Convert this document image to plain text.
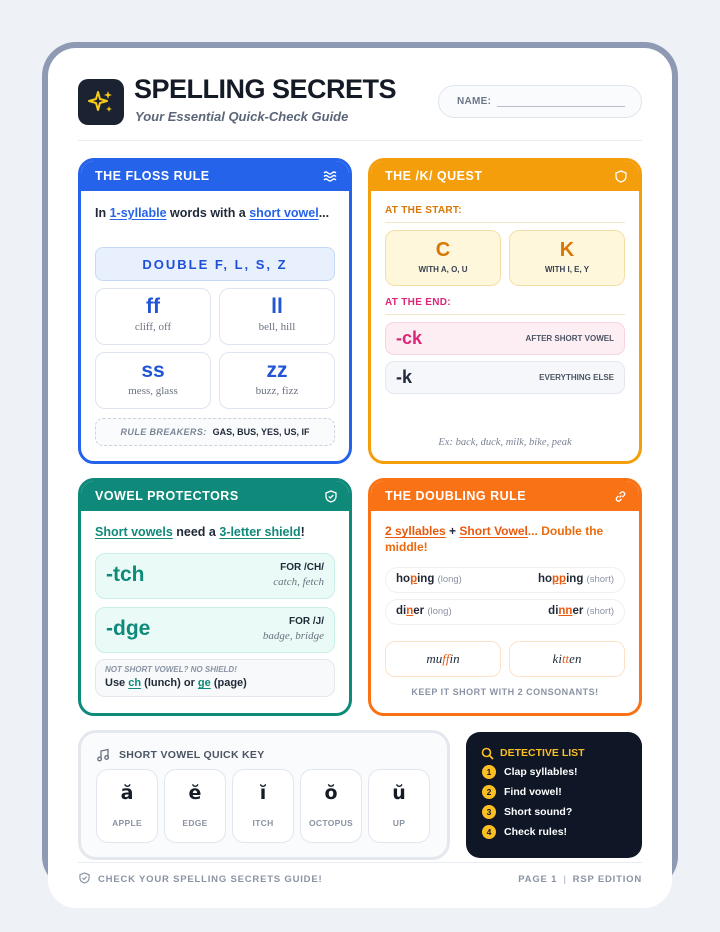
SPELLING SECRETS
Your Essential Quick-Check Guide
NAME:
THE FLOSS RULE
In 1-syllable words with a short vowel...
DOUBLE F, L, S, Z
ff
cliff, off
ll
bell, hill
ss
mess, glass
zz
buzz, fizz
RULE BREAKERS: GAS, BUS, YES, US, IF
THE /K/ QUEST
AT THE START:
C
WITH A, O, U
K
WITH I, E, Y
AT THE END:
-ck	AFTER SHORT VOWEL
-k	EVERYTHING ELSE
Ex: back, duck, milk, bike, peak
VOWEL PROTECTORS
Short vowels need a 3-letter shield!
-tch	FOR /CH/
catch, fetch
-dge	FOR /J/
badge, bridge
NOT SHORT VOWEL? NO SHIELD!
Use ch (lunch) or ge (page)
THE DOUBLING RULE
2 syllables + Short Vowel... Double the middle!
hoping (long)	hopping (short)
diner (long)	dinner (short)
muffin	kitten
KEEP IT SHORT WITH 2 CONSONANTS!
SHORT VOWEL QUICK KEY
ă
APPLE
ĕ
EDGE
ĭ
ITCH
ŏ
OCTOPUS
ŭ
UP
DETECTIVE LIST
1	Clap syllables!
2	Find vowel!
3	Short sound?
4	Check rules!
CHECK YOUR SPELLING SECRETS GUIDE!	PAGE 1 | RSP EDITION
